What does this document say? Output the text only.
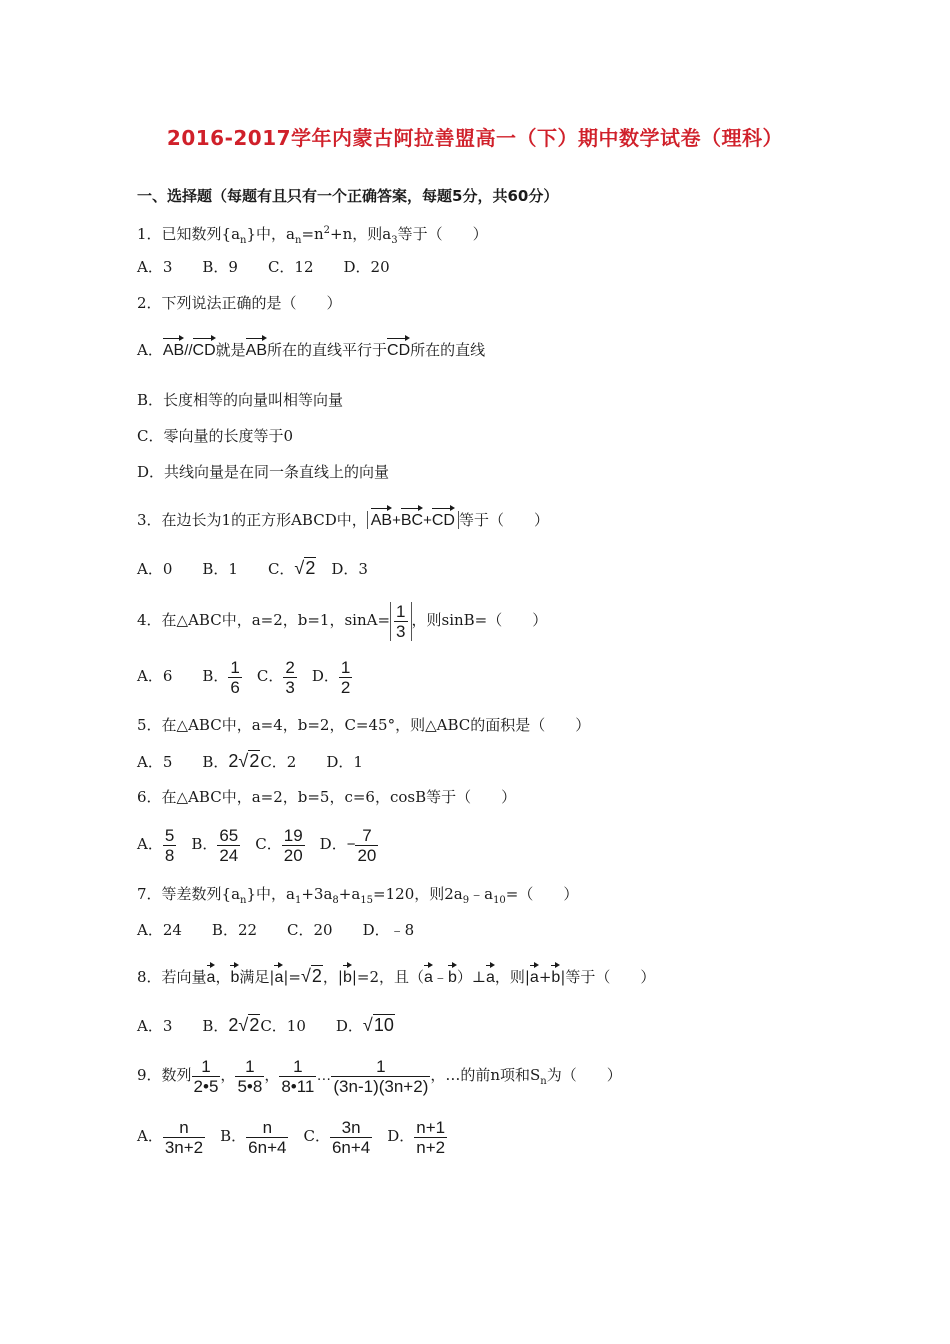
2016-2017学年内蒙古阿拉善盟高一（下）期中数学试卷（理科）
一、选择题（每题有且只有一个正确答案，每题5分，共60分）
1．已知数列$\{a_n\}$中，$a_n=n^2+n$，则$a_3$等于（　　）
A．3　　B．9　　C．12　　D．20
2．下列说法正确的是（　　）
A．AB//CD就是AB所在的直线平行于CD所在的直线
B．长度相等的向量叫相等向量
C．零向量的长度等于0
D．共线向量是在同一条直线上的向量
3．在边长为1的正方形ABCD中， AB+BC+CD 等于（　　）
A．0　　B．1　　C．√2　D．3
4．在△ABC中，a=2，b=1，$\sin A= \frac{1}{3}$ ，则sinB=（　　）
A．6　　B． $\frac{1}{6}$ 　C． $\frac{2}{3}$ 　D． $\frac{1}{2}$
5．在△ABC中，a=4，b=2，C=45°，则△ABC的面积是（　　）
A．5　　B．2√2C．2　　D．1
6．在△ABC中，a=2，b=5，c=6，cosB等于（　　）
A． $\frac{5}{8}$ 　B． $\frac{65}{24}$ 　C． $\frac{19}{20}$ 　D．− $\frac{7}{20}$
7．等差数列$\{a_n\}$中，$a_1+3a_8+a_{15}=120$，则$2a_9﹣a_{10}=$（　　）
A．24　　B．22　　C．20　　D．﹣8
8．若向量a，b满足|a|=√2，|b|=2，且（a﹣b）⊥a，则|a+b|等于（　　）
A．3　　B．2√2C．10　　D．√10
9．数列 $\frac{1}{2•5}$ ， $\frac{1}{5•8}$ ， $\frac{1}{8•11}$ … $\frac{1}{(3n-1)(3n+2)}$ ，…的前n项和$S_n$为（　　）
A． $\frac{n}{3n+2}$ 　B． $\frac{n}{6n+4}$ 　C． $\frac{3n}{6n+4}$ 　D． $\frac{n+1}{n+2}$
